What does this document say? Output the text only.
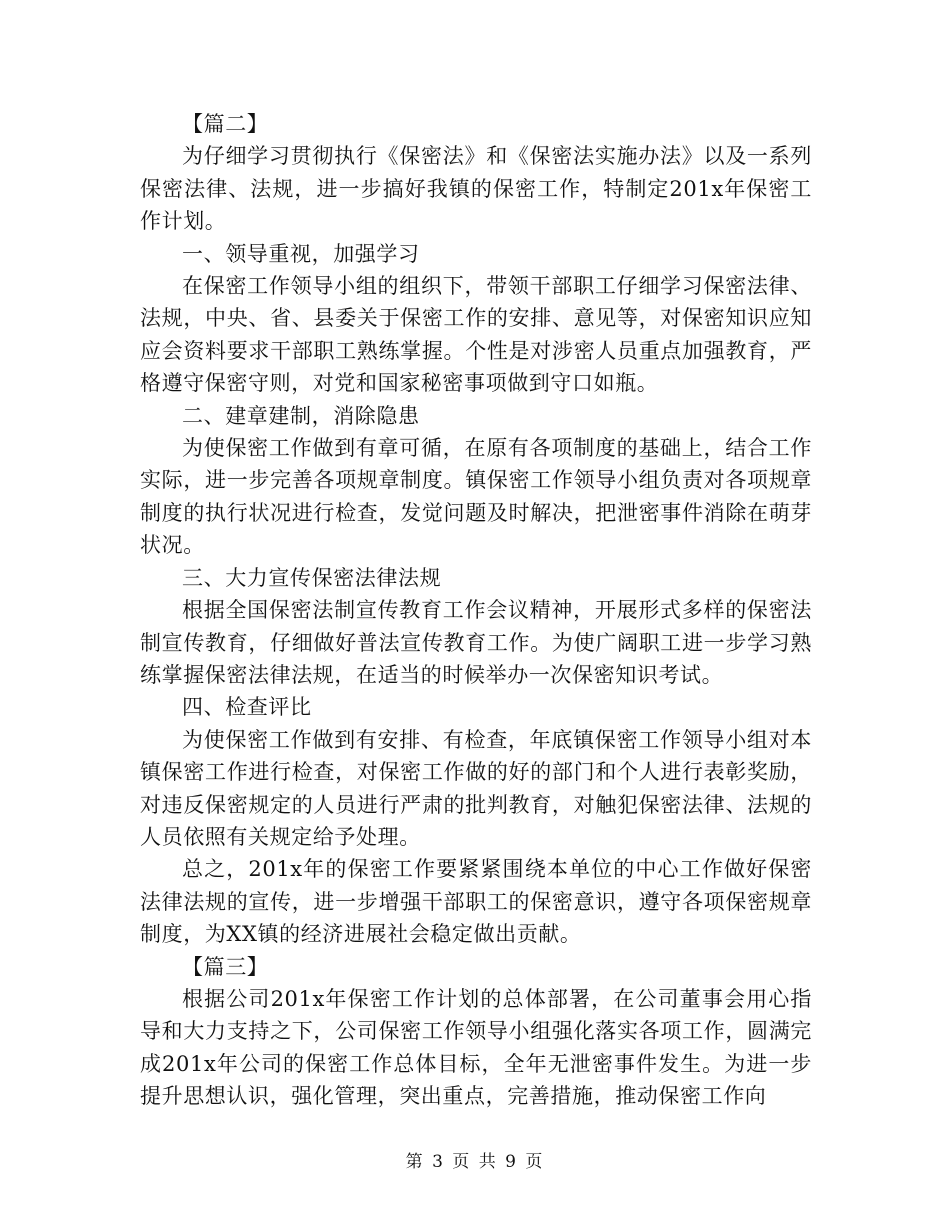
【篇二】

为仔细学习贯彻执行《保密法》和《保密法实施办法》以及一系列保密法律、法规，进一步搞好我镇的保密工作，特制定201x年保密工作计划。

一、领导重视，加强学习

在保密工作领导小组的组织下，带领干部职工仔细学习保密法律、法规，中央、省、县委关于保密工作的安排、意见等，对保密知识应知应会资料要求干部职工熟练掌握。个性是对涉密人员重点加强教育，严格遵守保密守则，对党和国家秘密事项做到守口如瓶。

二、建章建制，消除隐患

为使保密工作做到有章可循，在原有各项制度的基础上，结合工作实际，进一步完善各项规章制度。镇保密工作领导小组负责对各项规章制度的执行状况进行检查，发觉问题及时解决，把泄密事件消除在萌芽状况。

三、大力宣传保密法律法规

根据全国保密法制宣传教育工作会议精神，开展形式多样的保密法制宣传教育，仔细做好普法宣传教育工作。为使广阔职工进一步学习熟练掌握保密法律法规，在适当的时候举办一次保密知识考试。

四、检查评比

为使保密工作做到有安排、有检查，年底镇保密工作领导小组对本镇保密工作进行检查，对保密工作做的好的部门和个人进行表彰奖励，对违反保密规定的人员进行严肃的批判教育，对触犯保密法律、法规的人员依照有关规定给予处理。

总之，201x年的保密工作要紧紧围绕本单位的中心工作做好保密法律法规的宣传，进一步增强干部职工的保密意识，遵守各项保密规章制度，为XX镇的经济进展社会稳定做出贡献。

【篇三】

根据公司201x年保密工作计划的总体部署，在公司董事会用心指导和大力支持之下，公司保密工作领导小组强化落实各项工作，圆满完成201x年公司的保密工作总体目标，全年无泄密事件发生。为进一步提升思想认识，强化管理，突出重点，完善措施，推动保密工作向

第 3 页 共 9 页
